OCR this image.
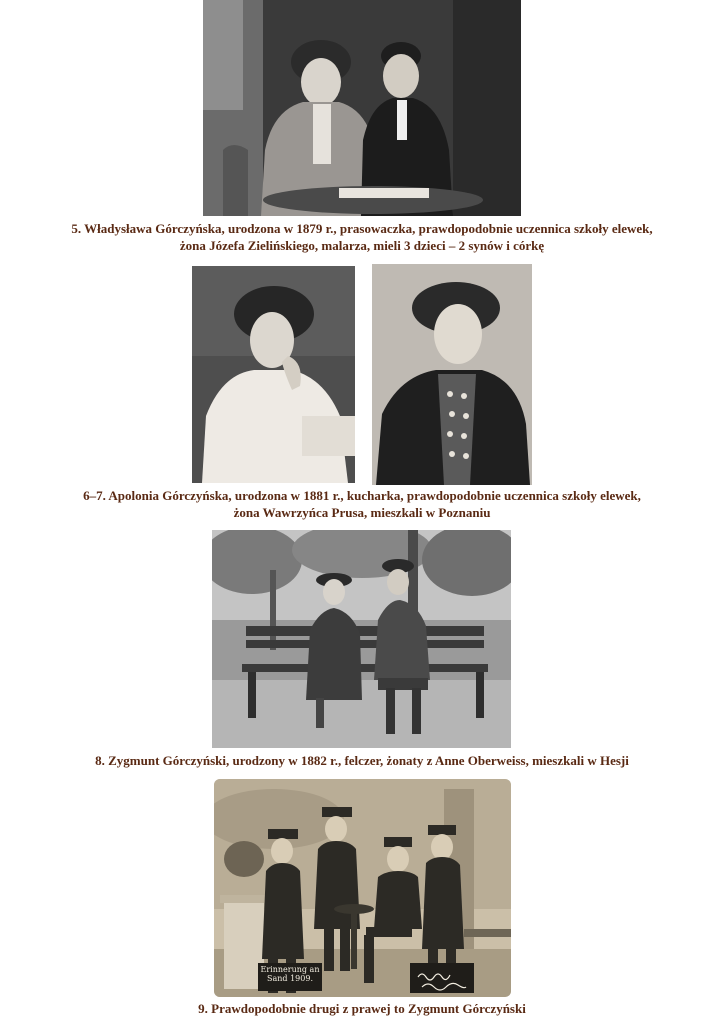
5. Władysława Górczyńska, urodzona w 1879 r., prasowaczka, prawdopodobnie uczennica szkoły elewek,
żona Józefa Zielińskiego, malarza, mieli 3 dzieci – 2 synów i córkę
6–7. Apolonia Górczyńska, urodzona w 1881 r., kucharka, prawdopodobnie uczennica szkoły elewek,
żona Wawrzyńca Prusa, mieszkali w Poznaniu
8. Zygmunt Górczyński, urodzony w 1882 r., felczer, żonaty z Anne Oberweiss, mieszkali w Hesji
Erinnerung an
Sand 1909.
9. Prawdopodobnie drugi z prawej to Zygmunt Górczyński
